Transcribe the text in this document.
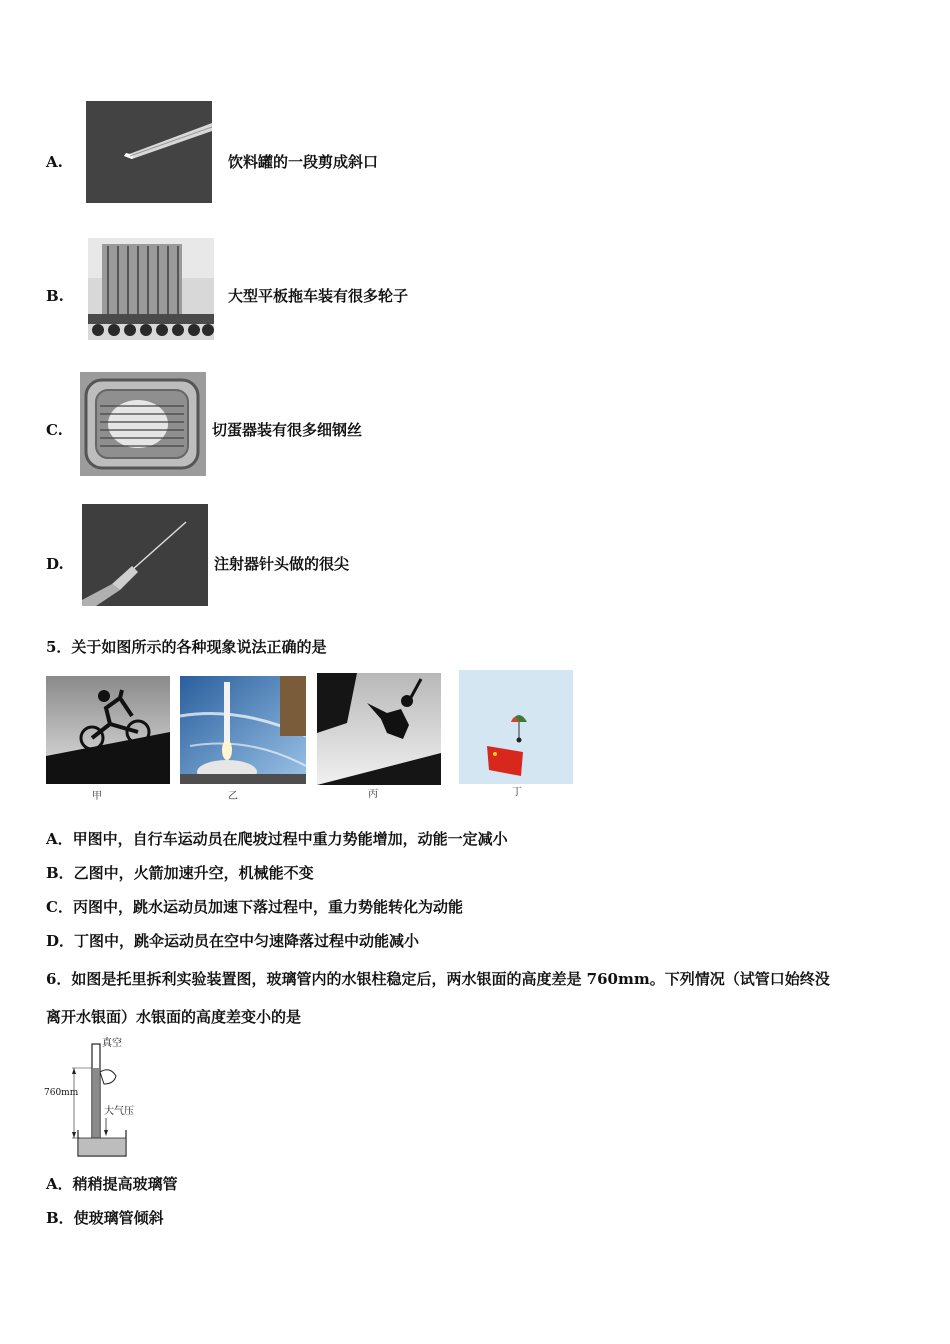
A.	饮料罐的一段剪成斜口
B.	大型平板拖车装有很多轮子
C.	切蛋器装有很多细钢丝
D.	注射器针头做的很尖
5．关于如图所示的各种现象说法正确的是
甲	乙	丙	丁
A．甲图中，自行车运动员在爬坡过程中重力势能增加，动能一定减小
B．乙图中，火箭加速升空，机械能不变
C．丙图中，跳水运动员加速下落过程中，重力势能转化为动能
D．丁图中，跳伞运动员在空中匀速降落过程中动能减小
6．如图是托里拆利实验装置图，玻璃管内的水银柱稳定后，两水银面的高度差是 760mm。下列情况（试管口始终没
离开水银面）水银面的高度差变小的是
真空
760mm
大气压
A．稍稍提高玻璃管
B．使玻璃管倾斜
